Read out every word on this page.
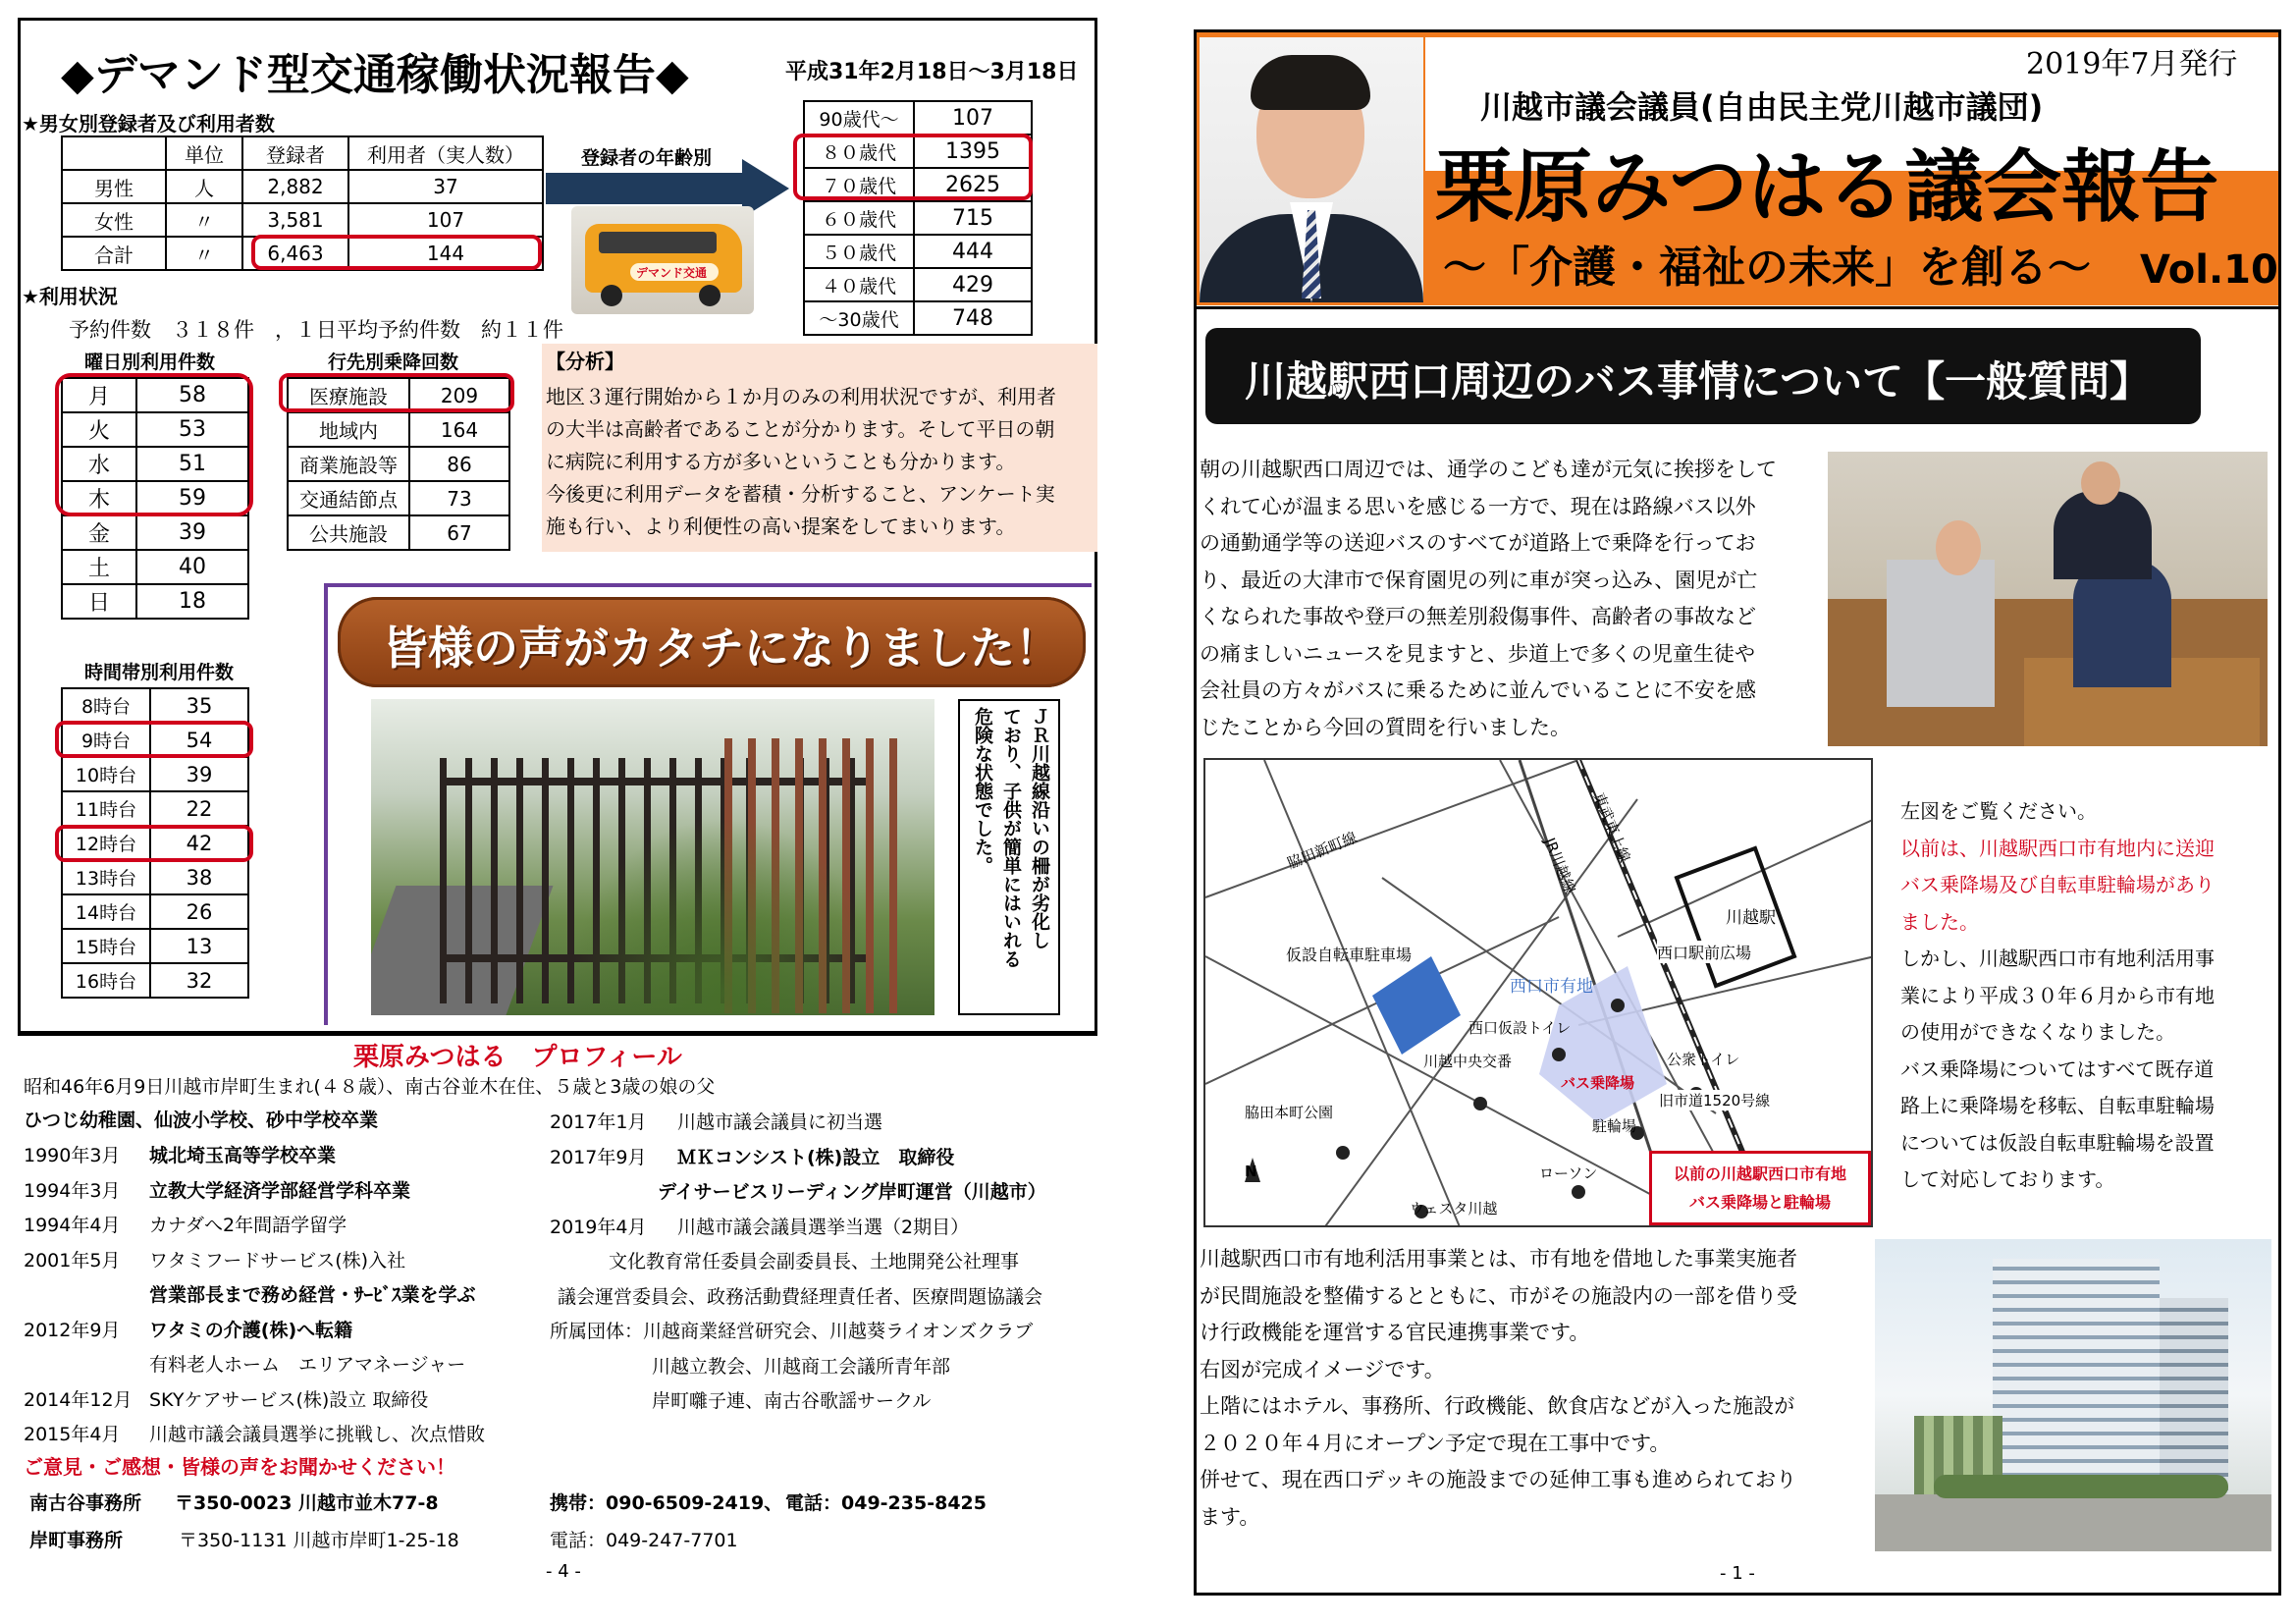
◆デマンド型交通稼働状況報告◆	平成31年2月18日～3月18日
★男女別登録者及び利用者数
	単位	登録者	利用者（実人数）
男性	人	2,882	37
女性	〃	3,581	107
合計	〃	6,463	144
登録者の年齢別
デマンド交通
90歳代～	107
８０歳代	1395
７０歳代	2625
６０歳代	715
５０歳代	444
４０歳代	429
～30歳代	748
★利用状況
予約件数　３１８件　，１日平均予約件数　約１１件
曜日別利用件数
月	58
火	53
水	51
木	59
金	39
土	40
日	18
行先別乗降回数
医療施設	209
地域内	164
商業施設等	86
交通結節点	73
公共施設	67
【分析】
地区３運行開始から１か月のみの利用状況ですが、利用者
の大半は高齢者であることが分かります。そして平日の朝
に病院に利用する方が多いということも分かります。
今後更に利用データを蓄積・分析すること、アンケート実
施も行い、より利便性の高い提案をしてまいります。
時間帯別利用件数
8時台	35
9時台	54
10時台	39
11時台	22
12時台	42
13時台	38
14時台	26
15時台	13
16時台	32
皆様の声がカタチになりました！
ＪＲ川越線沿いの柵が劣化し
ており、子供が簡単にはいれる
危険な状態でした。
栗原みつはる　プロフィール
昭和46年6月9日川越市岸町生まれ(４８歳）、南古谷並木在住、５歳と3歳の娘の父
ひつじ幼稚園、仙波小学校、砂中学校卒業
1990年3月 城北埼玉高等学校卒業
1994年3月 立教大学経済学部経営学科卒業
1994年4月 カナダへ2年間語学留学
2001年5月 ワタミフードサービス(株)入社
営業部長まで務め経営・ｻｰﾋﾞｽ業を学ぶ
2012年9月 ワタミの介護(株)へ転籍
有料老人ホーム　エリアマネージャー
2014年12月 SKYケアサービス(株)設立 取締役
2015年4月 川越市議会議員選挙に挑戦し、次点惜敗
2017年1月 川越市議会議員に初当選
2017年9月 ＭＫコンシスト(株)設立　取締役
デイサービスリーディング岸町運営（川越市）
2019年4月 川越市議会議員選挙当選（2期目）
文化教育常任委員会副委員長、土地開発公社理事
議会運営委員会、政務活動費経理責任者、医療問題協議会
所属団体：川越商業経営研究会、川越葵ライオンズクラブ
川越立教会、川越商工会議所青年部
岸町囃子連、南古谷歌謡サークル
ご意見・ご感想・皆様の声をお聞かせください！
南古谷事務所 〒350-0023 川越市並木77-8	携帯：090-6509-2419、 電話：049-235-8425
岸町事務所	〒350-1131 川越市岸町1-25-18	電話：049-247-7701
- 4 -
2019年7月発行
川越市議会議員(自由民主党川越市議団)
栗原みつはる議会報告
～「介護・福祉の未来」を創る～ Vol.10
川越駅西口周辺のバス事情について【一般質問】
朝の川越駅西口周辺では、通学のこども達が元気に挨拶をして
くれて心が温まる思いを感じる一方で、現在は路線バス以外
の通勤通学等の送迎バスのすべてが道路上で乗降を行ってお
り、最近の大津市で保育園児の列に車が突っ込み、園児が亡
くなられた事故や登戸の無差別殺傷事件、高齢者の事故など
の痛ましいニュースを見ますと、歩道上で多くの児童生徒や
会社員の方々がバスに乗るために並んでいることに不安を感
じたことから今回の質問を行いました。
東武東上線
JR川越線
脇田新町線
川越駅
西口駅前広場
仮設自転車駐車場
西口市有地
西口仮設トイレ
川越中央交番	公衆トイレ
バス乗降場
旧市道1520号線
脇田本町公園
駐輪場
ローソン
ウェスタ川越
N	以前の川越駅西口市有地
バス乗降場と駐輪場
左図をご覧ください。
以前は、川越駅西口市有地内に送迎
バス乗降場及び自転車駐輪場があり
ました。
しかし、川越駅西口市有地利活用事
業により平成３０年６月から市有地
の使用ができなくなりました。
バス乗降場についてはすべて既存道
路上に乗降場を移転、自転車駐輪場
については仮設自転車駐輪場を設置
して対応しております。
川越駅西口市有地利活用事業とは、市有地を借地した事業実施者
が民間施設を整備するとともに、市がその施設内の一部を借り受
け行政機能を運営する官民連携事業です。
右図が完成イメージです。
上階にはホテル、事務所、行政機能、飲食店などが入った施設が
２０２０年４月にオープン予定で現在工事中です。
併せて、現在西口デッキの施設までの延伸工事も進められており
ます。
- 1 -
